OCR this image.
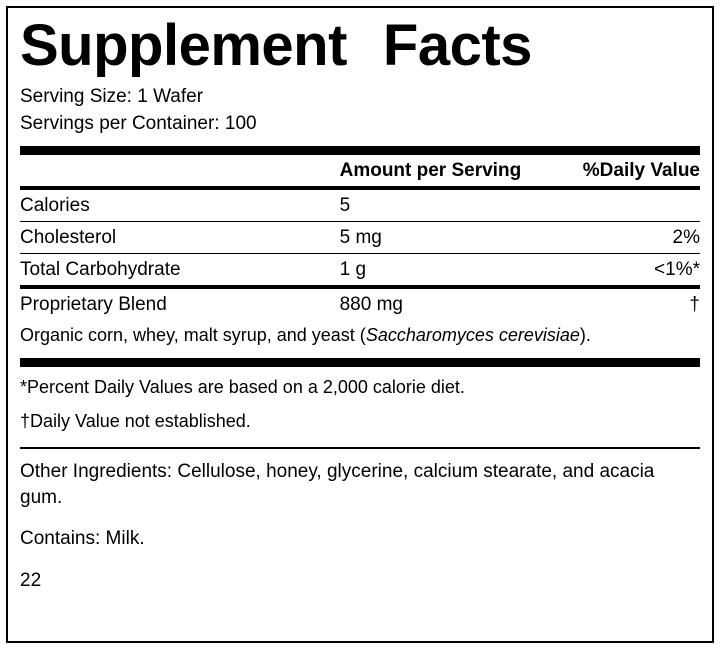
Supplement Facts
Serving Size: 1 Wafer
Servings per Container: 100
	Amount per Serving	%Daily Value
Calories	5	
Cholesterol	5 mg	2%
Total Carbohydrate	1 g	<1%*
Proprietary Blend	880 mg	†
Organic corn, whey, malt syrup, and yeast (Saccharomyces cerevisiae).
*Percent Daily Values are based on a 2,000 calorie diet.
†Daily Value not established.
Other Ingredients: Cellulose, honey, glycerine, calcium stearate, and acacia gum.
Contains: Milk.
22
